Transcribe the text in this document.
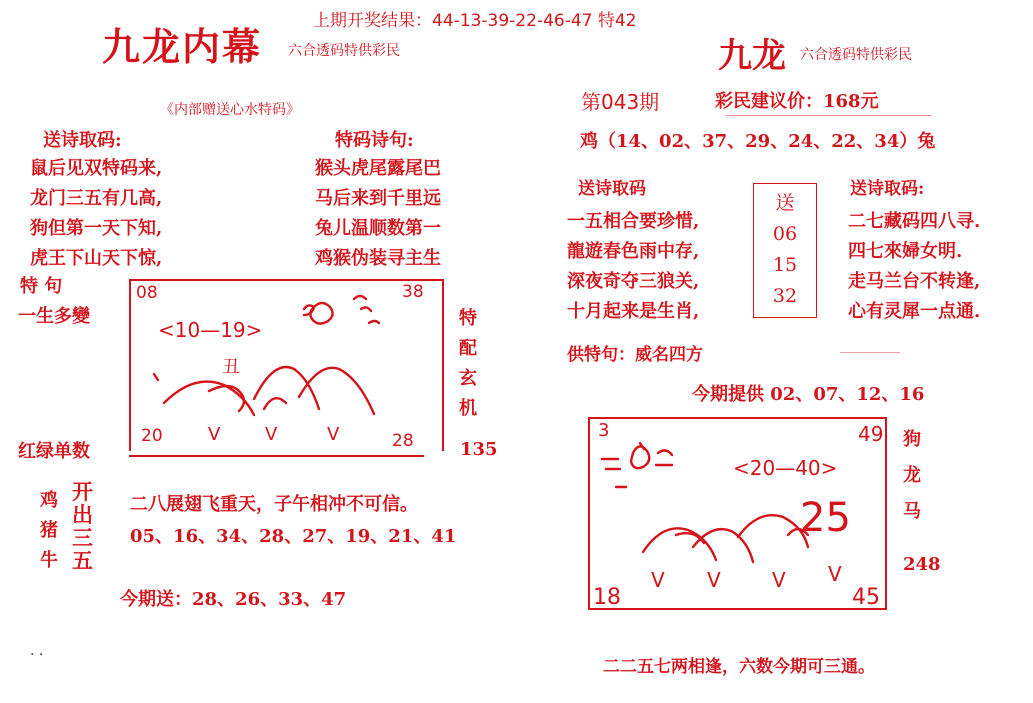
上期开奖结果：44-13-39-22-46-47 特42
九龙内幕 六合透码特供彩民
《内部赠送心水特码》
送诗取码:	特码诗句:
鼠后见双特码来,
龙门三五有几高,
狗但第一天下知,
虎王下山天下惊,
猴头虎尾露尾巴
马后来到千里远
兔儿温顺数第一
鸡猴伪装寻主生
特 句
一生多變
08	38
<10—19>
丑
20	28
V V	V
特
配
玄
机
红绿单数	135
鸡
猪
牛
开
出
三
五
二八展翅飞重天，子午相冲不可信。
05、16、34、28、27、19、21、41
今期送：28、26、33、47
. .
九龙 六合透码特供彩民
第043期	彩民建议价：168元
鸡（14、02、37、29、24、22、34）兔
送诗取码
一五相合要珍惜,
龍遊春色雨中存,
深夜奇夺三狼关,
十月起来是生肖,
送
06
15
32
送诗取码:
二七藏码四八寻.
四七來婦女明.
走马兰台不转逢,
心有灵犀一点通.
供特句：威名四方
今期提供 02、07、12、16
3	49
<20—40>
25
18	45
V V	V V
狗
龙
马
248
二二五七两相逢，六数今期可三通。
